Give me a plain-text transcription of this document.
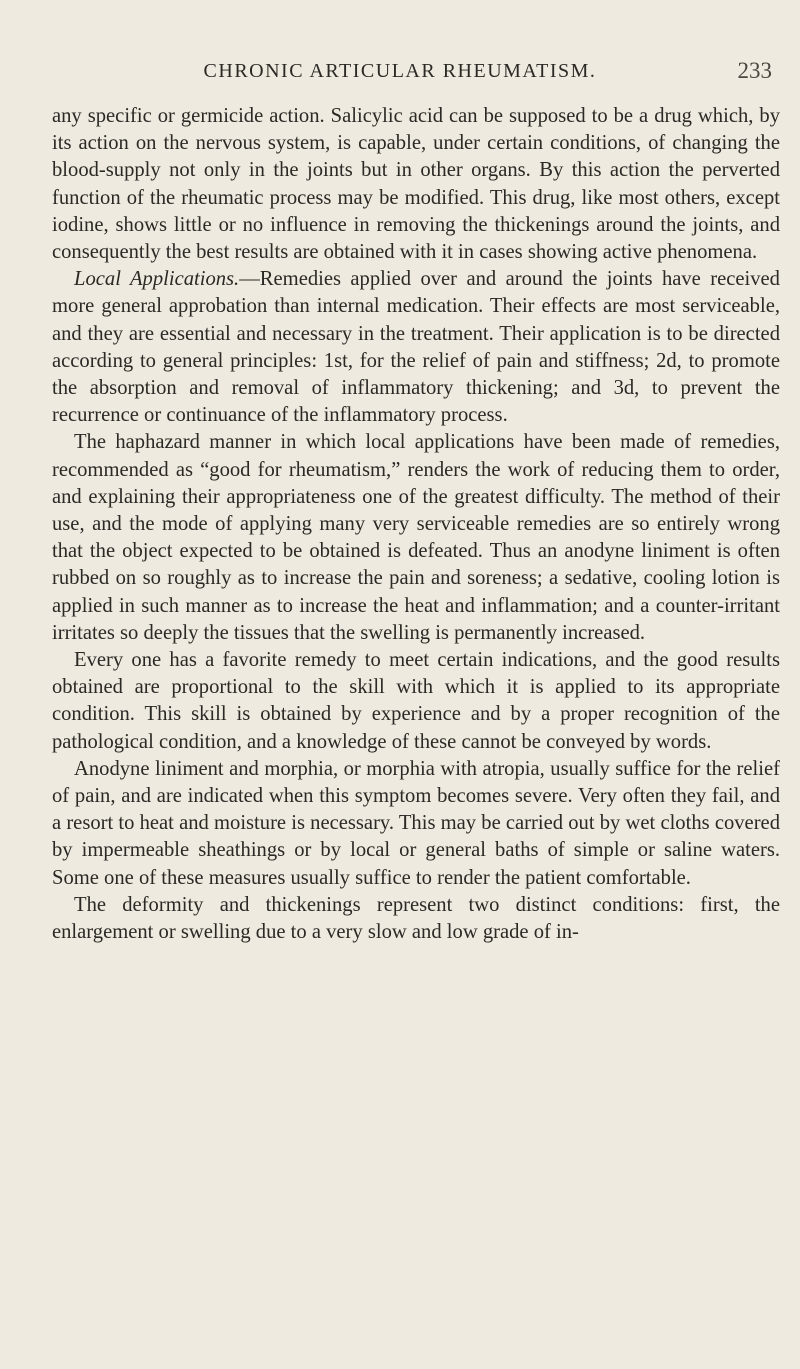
CHRONIC ARTICULAR RHEUMATISM.	233

any specific or germicide action. Salicylic acid can be supposed to be a drug which, by its action on the nervous system, is capable, under certain conditions, of changing the blood-supply not only in the joints but in other organs. By this action the perverted function of the rheumatic process may be modified. This drug, like most others, except iodine, shows little or no influence in removing the thickenings around the joints, and consequently the best results are obtained with it in cases showing active phenomena.

Local Applications.—Remedies applied over and around the joints have received more general approbation than internal medication. Their effects are most serviceable, and they are essential and necessary in the treatment. Their application is to be directed according to general principles: 1st, for the relief of pain and stiffness; 2d, to promote the absorption and removal of inflammatory thickening; and 3d, to prevent the recurrence or continuance of the inflammatory process.

The haphazard manner in which local applications have been made of remedies, recommended as “good for rheumatism,” renders the work of reducing them to order, and explaining their appropriateness one of the greatest difficulty. The method of their use, and the mode of applying many very serviceable remedies are so entirely wrong that the object expected to be obtained is defeated. Thus an anodyne liniment is often rubbed on so roughly as to increase the pain and soreness; a sedative, cooling lotion is applied in such manner as to increase the heat and inflammation; and a counter-irritant irritates so deeply the tissues that the swelling is permanently increased.

Every one has a favorite remedy to meet certain indications, and the good results obtained are proportional to the skill with which it is applied to its appropriate condition. This skill is obtained by experience and by a proper recognition of the pathological condition, and a knowledge of these cannot be conveyed by words.

Anodyne liniment and morphia, or morphia with atropia, usually suffice for the relief of pain, and are indicated when this symptom becomes severe. Very often they fail, and a resort to heat and moisture is necessary. This may be carried out by wet cloths covered by impermeable sheathings or by local or general baths of simple or saline waters. Some one of these measures usually suffice to render the patient comfortable.

The deformity and thickenings represent two distinct conditions: first, the enlargement or swelling due to a very slow and low grade of in-
